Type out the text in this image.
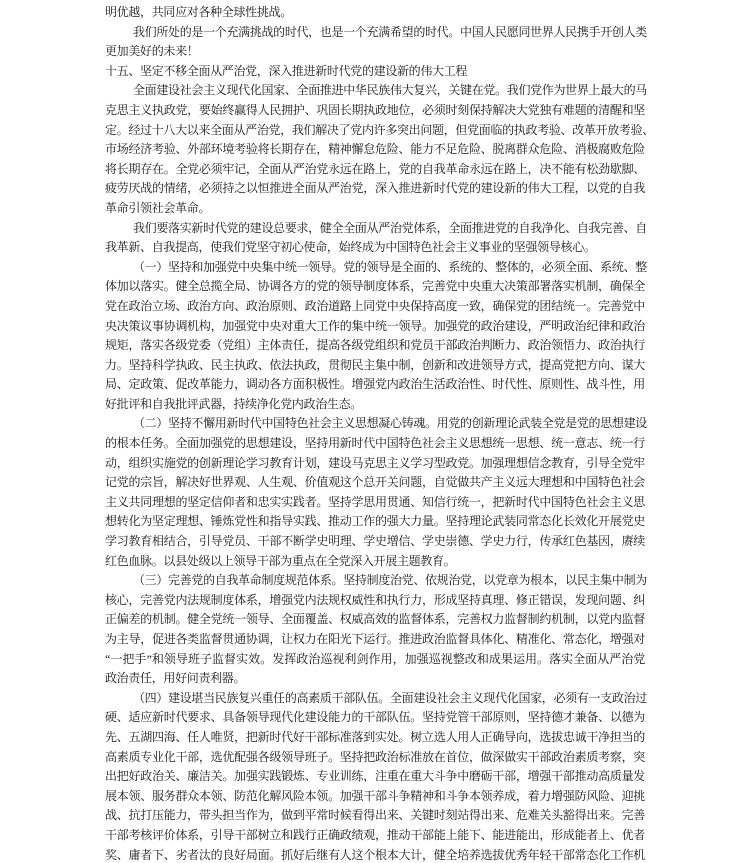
明优越，共同应对各种全球性挑战。
我们所处的是一个充满挑战的时代，也是一个充满希望的时代。中国人民愿同世界人民携手开创人类
更加美好的未来！
十五、坚定不移全面从严治党，深入推进新时代党的建设新的伟大工程
全面建设社会主义现代化国家、全面推进中华民族伟大复兴，关键在党。我们党作为世界上最大的马
克思主义执政党，要始终赢得人民拥护、巩固长期执政地位，必须时刻保持解决大党独有难题的清醒和坚
定。经过十八大以来全面从严治党，我们解决了党内许多突出问题，但党面临的执政考验、改革开放考验、
市场经济考验、外部环境考验将长期存在，精神懈怠危险、能力不足危险、脱离群众危险、消极腐败危险
将长期存在。全党必须牢记，全面从严治党永远在路上，党的自我革命永远在路上，决不能有松劲歇脚、
疲劳厌战的情绪，必须持之以恒推进全面从严治党，深入推进新时代党的建设新的伟大工程，以党的自我
革命引领社会革命。
我们要落实新时代党的建设总要求，健全全面从严治党体系，全面推进党的自我净化、自我完善、自
我革新、自我提高，使我们党坚守初心使命，始终成为中国特色社会主义事业的坚强领导核心。
（一）坚持和加强党中央集中统一领导。党的领导是全面的、系统的、整体的，必须全面、系统、整
体加以落实。健全总揽全局、协调各方的党的领导制度体系，完善党中央重大决策部署落实机制，确保全
党在政治立场、政治方向、政治原则、政治道路上同党中央保持高度一致，确保党的团结统一。完善党中
央决策议事协调机构，加强党中央对重大工作的集中统一领导。加强党的政治建设，严明政治纪律和政治
规矩，落实各级党委（党组）主体责任，提高各级党组织和党员干部政治判断力、政治领悟力、政治执行
力。坚持科学执政、民主执政、依法执政，贯彻民主集中制，创新和改进领导方式，提高党把方向、谋大
局、定政策、促改革能力，调动各方面积极性。增强党内政治生活政治性、时代性、原则性、战斗性，用
好批评和自我批评武器，持续净化党内政治生态。
（二）坚持不懈用新时代中国特色社会主义思想凝心铸魂。用党的创新理论武装全党是党的思想建设
的根本任务。全面加强党的思想建设，坚持用新时代中国特色社会主义思想统一思想、统一意志、统一行
动，组织实施党的创新理论学习教育计划，建设马克思主义学习型政党。加强理想信念教育，引导全党牢
记党的宗旨，解决好世界观、人生观、价值观这个总开关问题，自觉做共产主义远大理想和中国特色社会
主义共同理想的坚定信仰者和忠实实践者。坚持学思用贯通、知信行统一，把新时代中国特色社会主义思
想转化为坚定理想、锤炼党性和指导实践、推动工作的强大力量。坚持理论武装同常态化长效化开展党史
学习教育相结合，引导党员、干部不断学史明理、学史增信、学史崇德、学史力行，传承红色基因，赓续
红色血脉。以县处级以上领导干部为重点在全党深入开展主题教育。
（三）完善党的自我革命制度规范体系。坚持制度治党、依规治党，以党章为根本，以民主集中制为
核心，完善党内法规制度体系，增强党内法规权威性和执行力，形成坚持真理、修正错误，发现问题、纠
正偏差的机制。健全党统一领导、全面覆盖、权威高效的监督体系，完善权力监督制约机制，以党内监督
为主导，促进各类监督贯通协调，让权力在阳光下运行。推进政治监督具体化、精准化、常态化，增强对
“一把手”和领导班子监督实效。发挥政治巡视利剑作用，加强巡视整改和成果运用。落实全面从严治党
政治责任，用好问责利器。
（四）建设堪当民族复兴重任的高素质干部队伍。全面建设社会主义现代化国家，必须有一支政治过
硬、适应新时代要求、具备领导现代化建设能力的干部队伍。坚持党管干部原则，坚持德才兼备、以德为
先、五湖四海、任人唯贤，把新时代好干部标准落到实处。树立选人用人正确导向，选拔忠诚干净担当的
高素质专业化干部，选优配强各级领导班子。坚持把政治标准放在首位，做深做实干部政治素质考察，突
出把好政治关、廉洁关。加强实践锻炼、专业训练，注重在重大斗争中磨砺干部，增强干部推动高质量发
展本领、服务群众本领、防范化解风险本领。加强干部斗争精神和斗争本领养成，着力增强防风险、迎挑
战、抗打压能力，带头担当作为，做到平常时候看得出来、关键时刻站得出来、危难关头豁得出来。完善
干部考核评价体系，引导干部树立和践行正确政绩观，推动干部能上能下、能进能出，形成能者上、优者
奖、庸者下、劣者汰的良好局面。抓好后继有人这个根本大计，健全培养选拔优秀年轻干部常态化工作机
